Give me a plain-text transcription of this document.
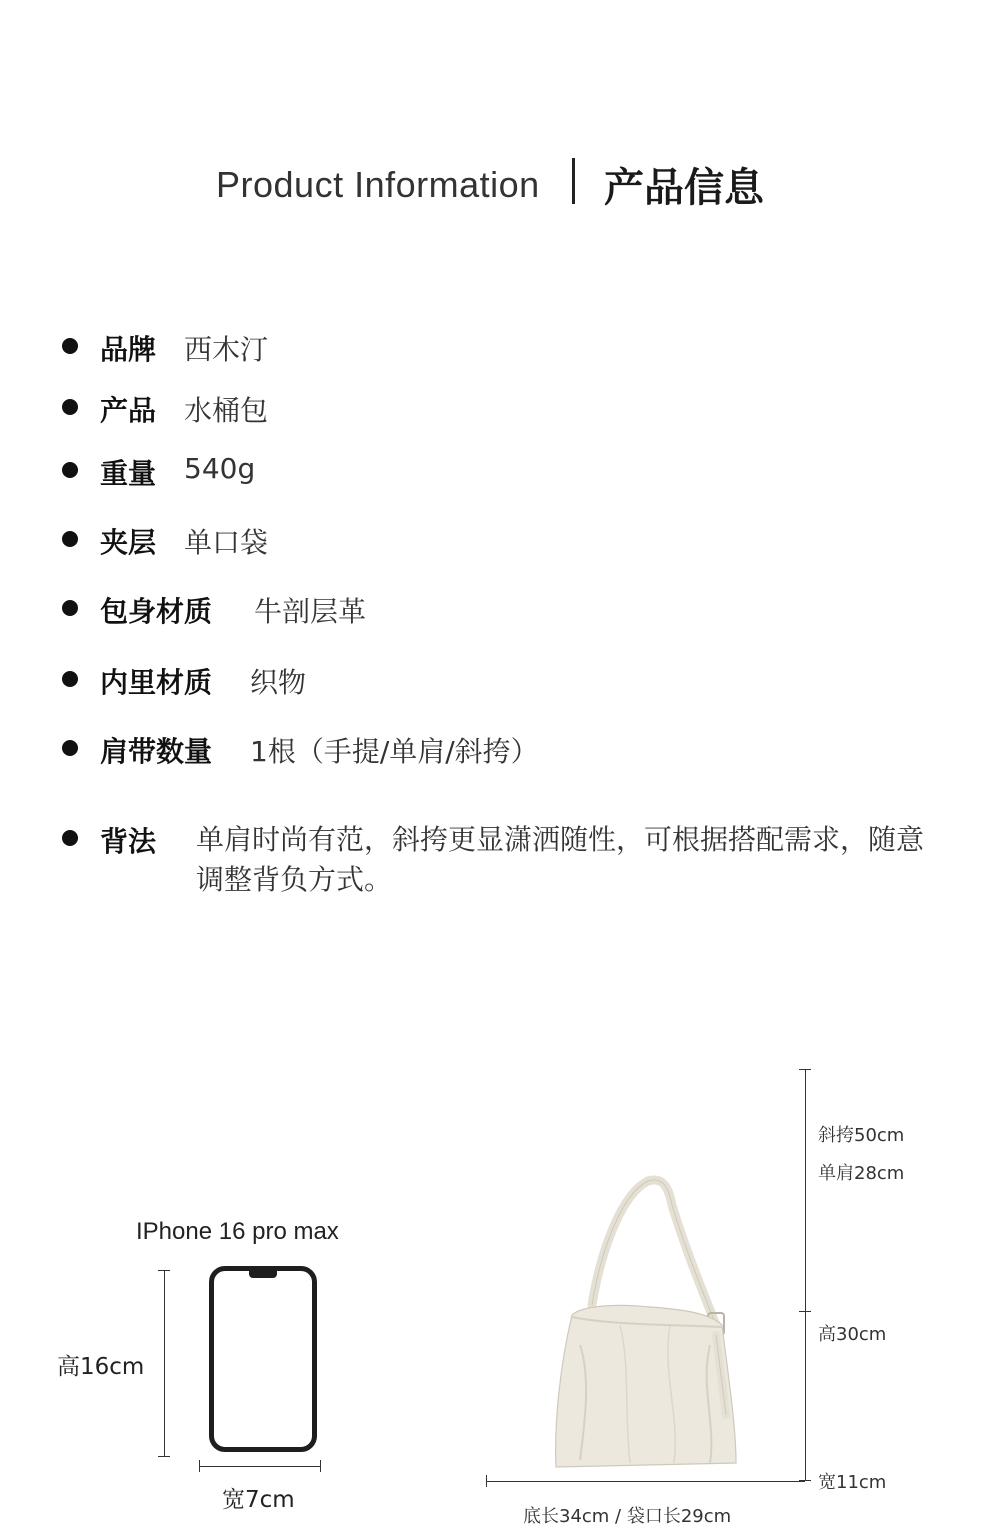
Product Information 产品信息
品牌 西木汀
产品 水桶包
重量 540g
夹层 单口袋
包身材质 牛剖层革
内里材质 织物
肩带数量 1根（手提/单肩/斜挎）
背法 单肩时尚有范，斜挎更显潇洒随性，可根据搭配需求，随意调整背负方式。
IPhone 16 pro max
高16cm
宽7cm
斜挎50cm
单肩28cm
高30cm
宽11cm
底长34cm / 袋口长29cm
